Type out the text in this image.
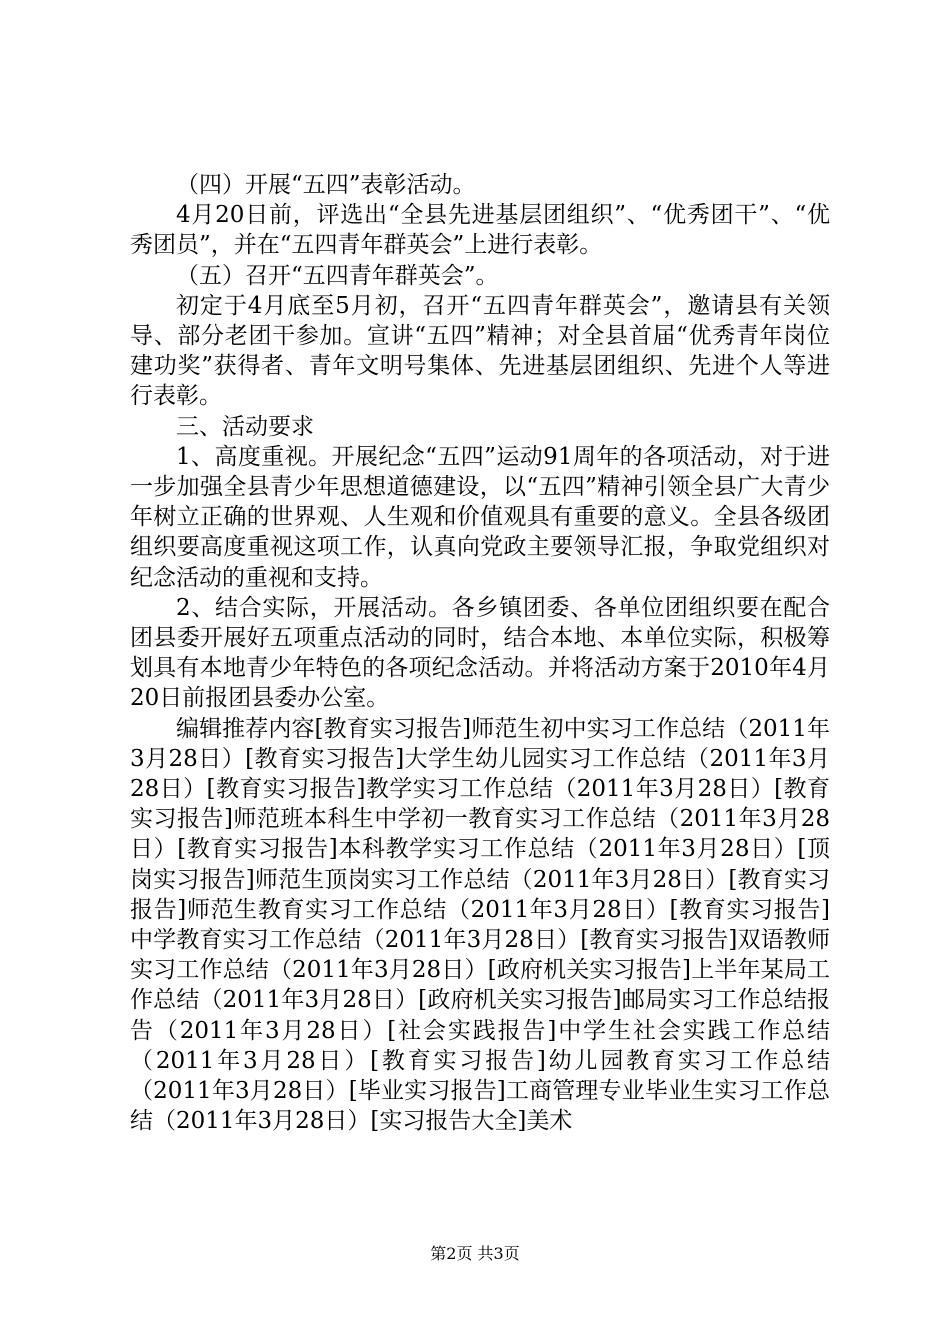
（四）开展“五四”表彰活动。

4月20日前，评选出“全县先进基层团组织”、“优秀团干”、“优秀团员”，并在“五四青年群英会”上进行表彰。

（五）召开“五四青年群英会”。

初定于4月底至5月初，召开“五四青年群英会”，邀请县有关领导、部分老团干参加。宣讲“五四”精神；对全县首届“优秀青年岗位建功奖”获得者、青年文明号集体、先进基层团组织、先进个人等进行表彰。

三、活动要求

1、高度重视。开展纪念“五四”运动91周年的各项活动，对于进一步加强全县青少年思想道德建设，以“五四”精神引领全县广大青少年树立正确的世界观、人生观和价值观具有重要的意义。全县各级团组织要高度重视这项工作，认真向党政主要领导汇报，争取党组织对纪念活动的重视和支持。

2、结合实际，开展活动。各乡镇团委、各单位团组织要在配合团县委开展好五项重点活动的同时，结合本地、本单位实际，积极筹划具有本地青少年特色的各项纪念活动。并将活动方案于2010年4月20日前报团县委办公室。

编辑推荐内容[教育实习报告]师范生初中实习工作总结（2011年3月28日）[教育实习报告]大学生幼儿园实习工作总结（2011年3月28日）[教育实习报告]教学实习工作总结（2011年3月28日）[教育实习报告]师范班本科生中学初一教育实习工作总结（2011年3月28日）[教育实习报告]本科教学实习工作总结（2011年3月28日）[顶岗实习报告]师范生顶岗实习工作总结（2011年3月28日）[教育实习报告]师范生教育实习工作总结（2011年3月28日）[教育实习报告]中学教育实习工作总结（2011年3月28日）[教育实习报告]双语教师实习工作总结（2011年3月28日）[政府机关实习报告]上半年某局工作总结（2011年3月28日）[政府机关实习报告]邮局实习工作总结报告（2011年3月28日）[社会实践报告]中学生社会实践工作总结（2011年3月28日）[教育实习报告]幼儿园教育实习工作总结（2011年3月28日）[毕业实习报告]工商管理专业毕业生实习工作总结（2011年3月28日）[实习报告大全]美术

第2页 共3页
